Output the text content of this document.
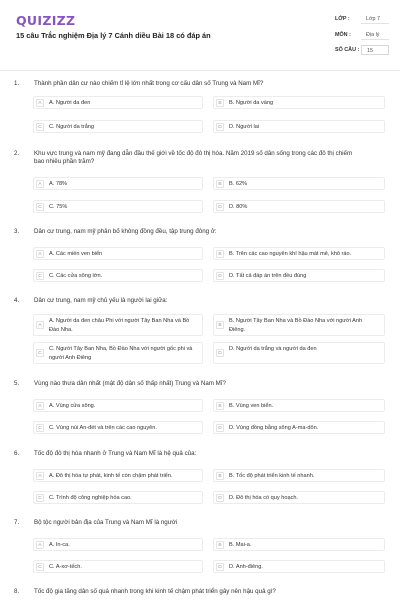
QUIZIZZ
15 câu Trắc nghiệm Địa lý 7 Cánh diều Bài 18 có đáp án
LỚP :	Lớp 7
MÔN :	Địa lý
SỐ CÂU :	15
1. Thành phần dân cư nào chiếm tỉ lệ lớn nhất trong cơ cấu dân số Trung và Nam Mĩ?
A	A. Người da đen	B	B. Người da vàng
C	C. Người da trắng	D	D. Người lai
2. Khu vực trung và nam mỹ đang dẫn đầu thế giới về tốc độ đô thị hóa. Năm 2019 số dân sống trong các đô thị chiếm bao nhiêu phần trăm?
A	A. 78%	B	B. 62%
C	C. 75%	D	D. 80%
3. Dân cư trung, nam mỹ phân bố không đồng đều, tập trung đông ở:
A	A. Các miền ven biển	B	B. Trên các cao nguyên khí hậu mát mẻ, khô ráo.
C	C. Các cửa sông lớn.	D	D. Tất cả đáp án trên đều đúng
4. Dân cư trung, nam mỹ chủ yếu là người lai giữa:
A
A. Người da đen châu Phi với người Tây Ban Nha và Bồ Đào Nha.
B
B. Người Tây Ban Nha và Bồ Đào Nha với người Anh Điêng.
C
C. Người Tây Ban Nha, Bồ Đào Nha với người gốc phi và người Anh Điêng
D
D. Người da trắng và người da đen
5. Vùng nào thưa dân nhất (mật độ dân số thấp nhất) Trung và Nam Mĩ?
A	A. Vùng cửa sông.	B	B. Vùng ven biển.
C	C. Vùng núi An-đét và trên các cao nguyên.	D	D. Vùng đồng bằng sông A-ma-dôn.
6. Tốc độ đô thị hóa nhanh ở Trung và Nam Mĩ là hệ quả của:
A	A. Đô thị hóa tự phát, kinh tế còn chậm phát triển.	B	B. Tốc độ phát triển kinh tế nhanh.
C	C. Trình độ công nghiệp hóa cao.	D	D. Đô thị hóa có quy hoạch.
7. Bộ tộc người bản địa của Trung và Nam Mĩ là người
A	A. In-ca.	B	B. Mai-a.
C	C. A-xơ-tếch.	D	D. Anh-điêng.
8. Tốc độ gia tăng dân số quá nhanh trong khi kinh tế chậm phát triển gây nên hậu quả gì?
